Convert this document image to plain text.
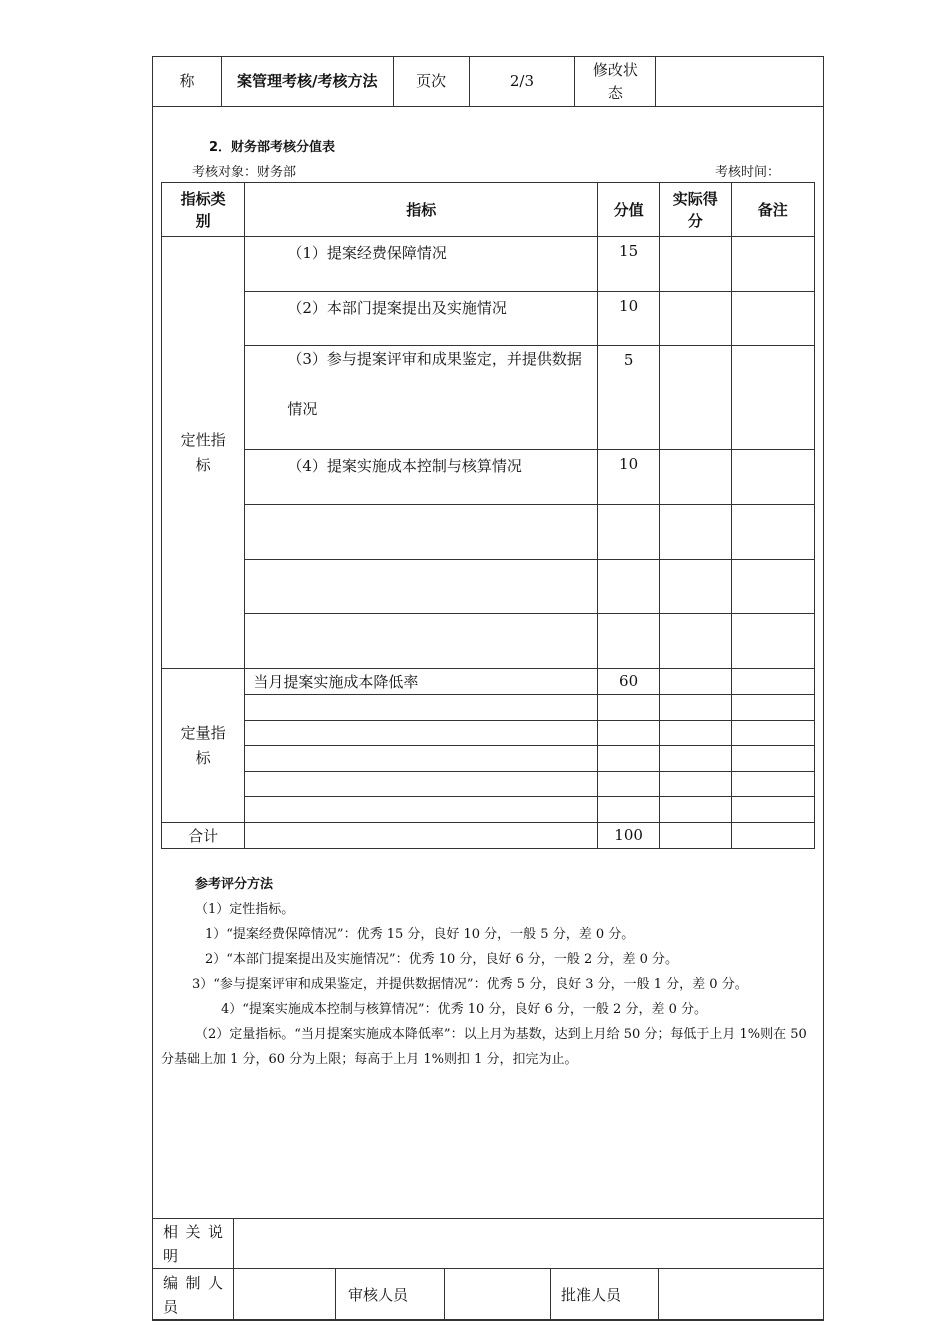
称	案管理考核/考核方法	页次	2/3	修改状态	
2．财务部考核分值表
考核对象：财务部	考核时间：
指标类别	指标	分值	实际得分	备注
定性指标	（1）提案经费保障情况	15		
	（2）本部门提案提出及实施情况	10		

	（3）参与提案评审和成果鉴定，并提供数据情况	5		
	（4）提案实施成本控制与核算情况	10		

定量指标	当月提案实施成本降低率	60		

合计		100		
参考评分方法
（1）定性指标。
1）“提案经费保障情况”：优秀 15 分，良好 10 分，一般 5 分，差 0 分。
2）“本部门提案提出及实施情况”：优秀 10 分，良好 6 分，一般 2 分，差 0 分。
3）“参与提案评审和成果鉴定，并提供数据情况”：优秀 5 分，良好 3 分，一般 1 分，差 0 分。
4）“提案实施成本控制与核算情况”：优秀 10 分，良好 6 分，一般 2 分，差 0 分。
（2）定量指标。“当月提案实施成本降低率”：以上月为基数，达到上月给 50 分；每低于上月 1%则在 50 分基础上加 1 分，60 分为上限；每高于上月 1%则扣 1 分，扣完为止。
相关说明					
编制人员		审核人员		批准人员	
